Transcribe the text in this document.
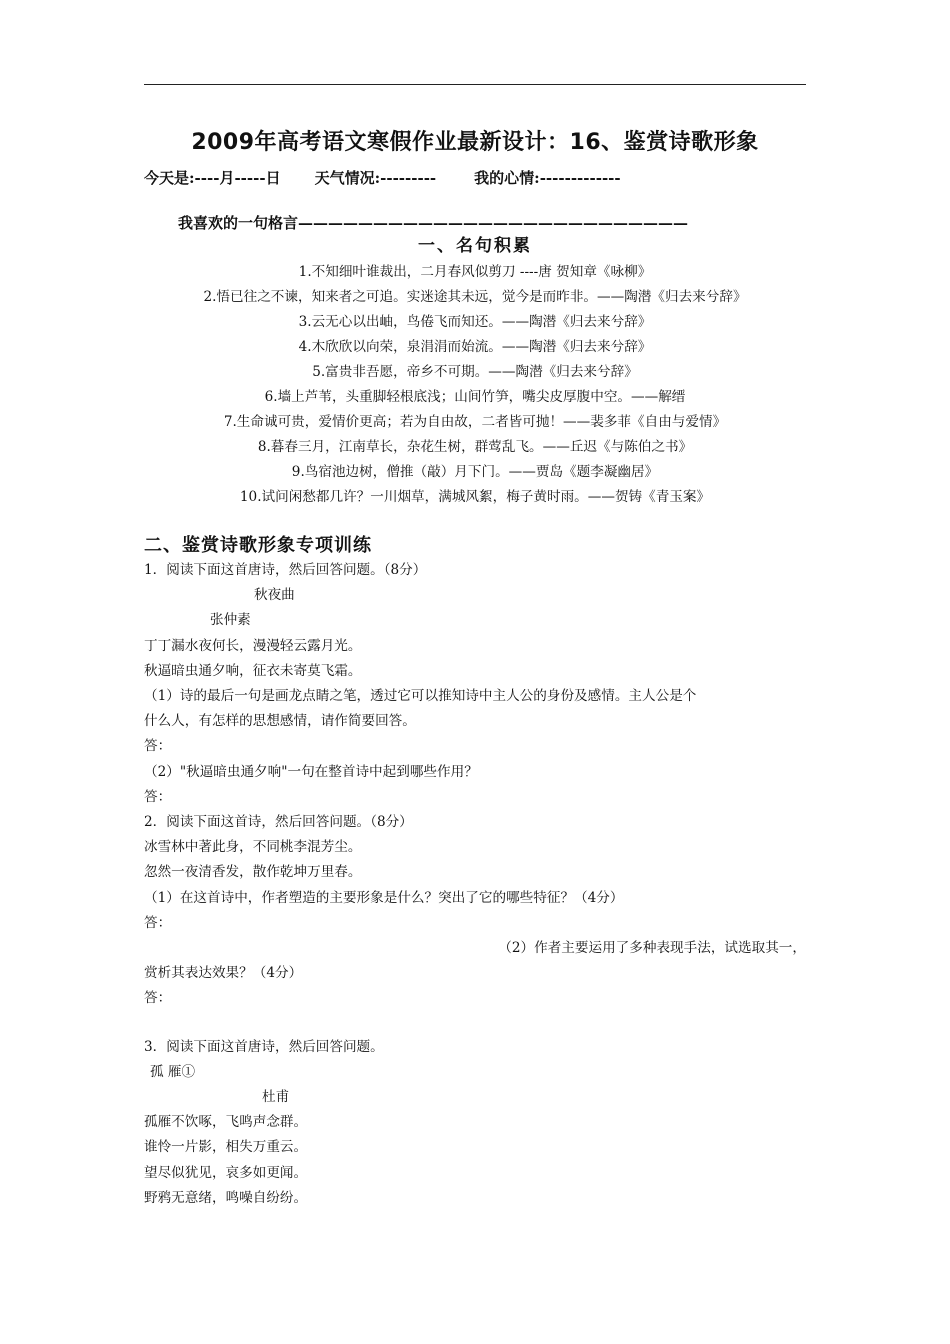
2009年高考语文寒假作业最新设计：16、鉴赏诗歌形象
今天是:----月-----日 天气情况:---------	我的心情:-------------
我喜欢的一句格言——————————————————————————
一、名句积累
1.不知细叶谁裁出，二月春风似剪刀 ----唐 贺知章《咏柳》
2.悟已往之不谏，知来者之可追。实迷途其未远，觉今是而昨非。——陶潜《归去来兮辞》
3.云无心以出岫，鸟倦飞而知还。——陶潜《归去来兮辞》
4.木欣欣以向荣，泉涓涓而始流。——陶潜《归去来兮辞》
5.富贵非吾愿，帝乡不可期。——陶潜《归去来兮辞》
6.墙上芦苇，头重脚轻根底浅；山间竹笋，嘴尖皮厚腹中空。——解缙
7.生命诚可贵，爱情价更高；若为自由故，二者皆可抛！——裴多菲《自由与爱情》
8.暮春三月，江南草长，杂花生树，群莺乱飞。——丘迟《与陈伯之书》
9.鸟宿池边树，僧推（敲）月下门。——贾岛《题李凝幽居》
10.试问闲愁都几许？一川烟草，满城风絮，梅子黄时雨。——贺铸《青玉案》
二、鉴赏诗歌形象专项训练
1．阅读下面这首唐诗，然后回答问题。（8分）
秋夜曲
张仲素
丁丁漏水夜何长，漫漫轻云露月光。
秋逼暗虫通夕响，征衣未寄莫飞霜。
（1）诗的最后一句是画龙点睛之笔，透过它可以推知诗中主人公的身份及感情。主人公是个
什么人，有怎样的思想感情，请作简要回答。
答：
（2）"秋逼暗虫通夕响"一句在整首诗中起到哪些作用？
答：
2．阅读下面这首诗，然后回答问题。（8分）
冰雪林中著此身，不同桃李混芳尘。
忽然一夜清香发，散作乾坤万里春。
（1）在这首诗中，作者塑造的主要形象是什么？突出了它的哪些特征？（4分）
答：
（2）作者主要运用了多种表现手法，试选取其一，
赏析其表达效果？（4分）
答：
3．阅读下面这首唐诗，然后回答问题。
孤 雁①
杜甫
孤雁不饮啄，飞鸣声念群。
谁怜一片影，相失万重云。
望尽似犹见，哀多如更闻。
野鸦无意绪，鸣噪自纷纷。
